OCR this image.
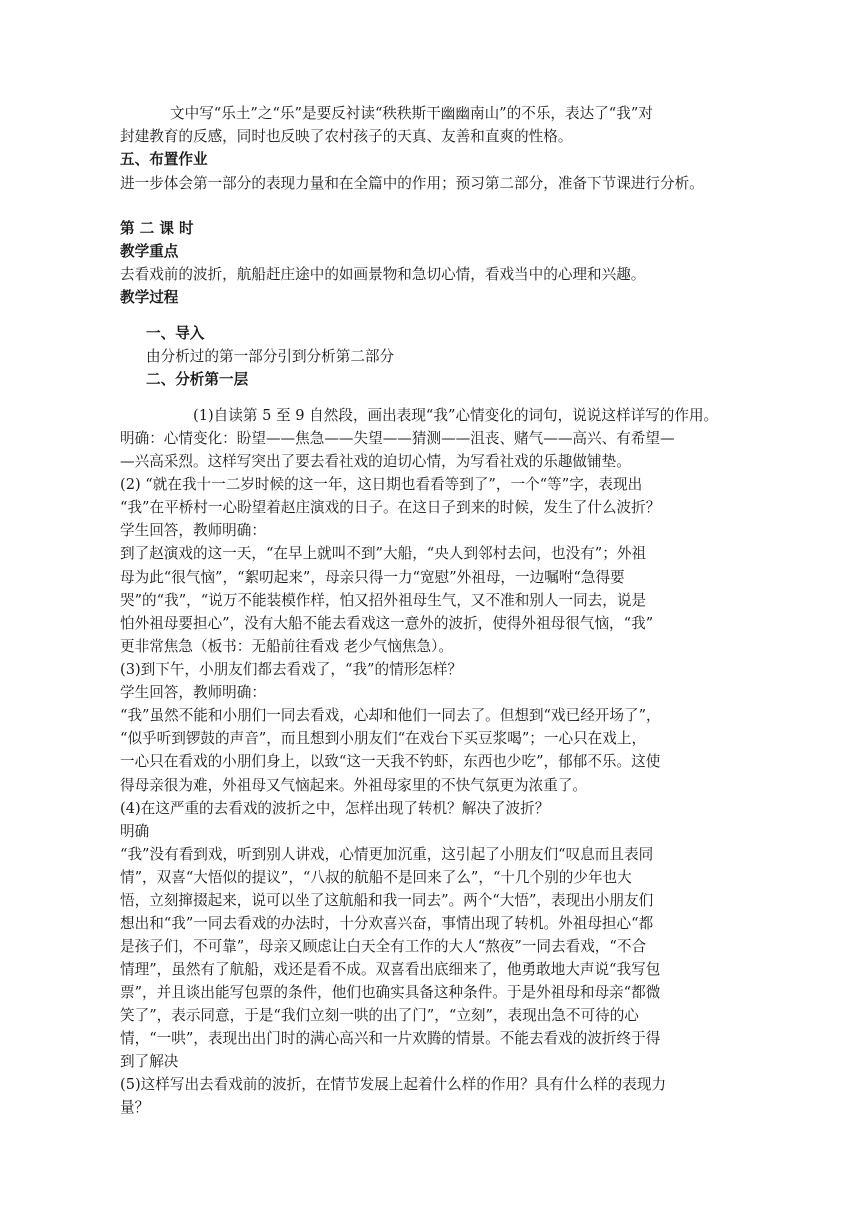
文中写“乐土”之“乐”是要反衬读“秩秩斯干幽幽南山”的不乐，表达了“我”对
封建教育的反感，同时也反映了农村孩子的天真、友善和直爽的性格。
五、布置作业
进一步体会第一部分的表现力量和在全篇中的作用；预习第二部分，准备下节课进行分析。
第 二 课 时
教学重点
去看戏前的波折，航船赶庄途中的如画景物和急切心情，看戏当中的心理和兴趣。
教学过程
一、导入
由分析过的第一部分引到分析第二部分
二、分析第一层
(1)自读第 5 至 9 自然段，画出表现“我”心情变化的词句，说说这样详写的作用。
明确：心情变化：盼望——焦急——失望——猜测——沮丧、赌气——高兴、有希望—
—兴高采烈。这样写突出了要去看社戏的迫切心情，为写看社戏的乐趣做铺垫。
(2) “就在我十一二岁时候的这一年，这日期也看看等到了”，一个“等”字，表现出
“我”在平桥村一心盼望着赵庄演戏的日子。在这日子到来的时候，发生了什么波折？
学生回答，教师明确：
到了赵演戏的这一天，“在早上就叫不到”大船，“央人到邻村去问，也没有”；外祖
母为此“很气恼”，“絮叨起来”，母亲只得一力“宽慰”外祖母，一边嘱咐“急得要
哭”的“我”，“说万不能装模作样，怕又招外祖母生气，又不准和别人一同去，说是
怕外祖母要担心”，没有大船不能去看戏这一意外的波折，使得外祖母很气恼，“我”
更非常焦急（板书：无船前往看戏 老少气恼焦急）。
(3)到下午，小朋友们都去看戏了，“我”的情形怎样？
学生回答，教师明确：
“我”虽然不能和小朋们一同去看戏，心却和他们一同去了。但想到“戏已经开场了”，
“似乎听到锣鼓的声音”，而且想到小朋友们“在戏台下买豆浆喝”；一心只在戏上，
一心只在看戏的小朋们身上，以致“这一天我不钓虾，东西也少吃”，郁郁不乐。这使
得母亲很为难，外祖母又气恼起来。外祖母家里的不快气氛更为浓重了。
(4)在这严重的去看戏的波折之中，怎样出现了转机？解决了波折？
明确
“我”没有看到戏，听到别人讲戏，心情更加沉重，这引起了小朋友们“叹息而且表同
情”，双喜“大悟似的提议”，“八叔的航船不是回来了么”，“十几个别的少年也大
悟，立刻撺掇起来，说可以坐了这航船和我一同去”。两个“大悟”，表现出小朋友们
想出和“我”一同去看戏的办法时，十分欢喜兴奋，事情出现了转机。外祖母担心“都
是孩子们，不可靠”，母亲又顾虑让白天全有工作的大人“熬夜”一同去看戏，“不合
情理”，虽然有了航船，戏还是看不成。双喜看出底细来了，他勇敢地大声说“我写包
票”，并且谈出能写包票的条件，他们也确实具备这种条件。于是外祖母和母亲“都微
笑了”，表示同意，于是“我们立刻一哄的出了门”，“立刻”，表现出急不可待的心
情，“一哄”，表现出出门时的满心高兴和一片欢腾的情景。不能去看戏的波折终于得
到了解决
(5)这样写出去看戏前的波折，在情节发展上起着什么样的作用？具有什么样的表现力
量？
